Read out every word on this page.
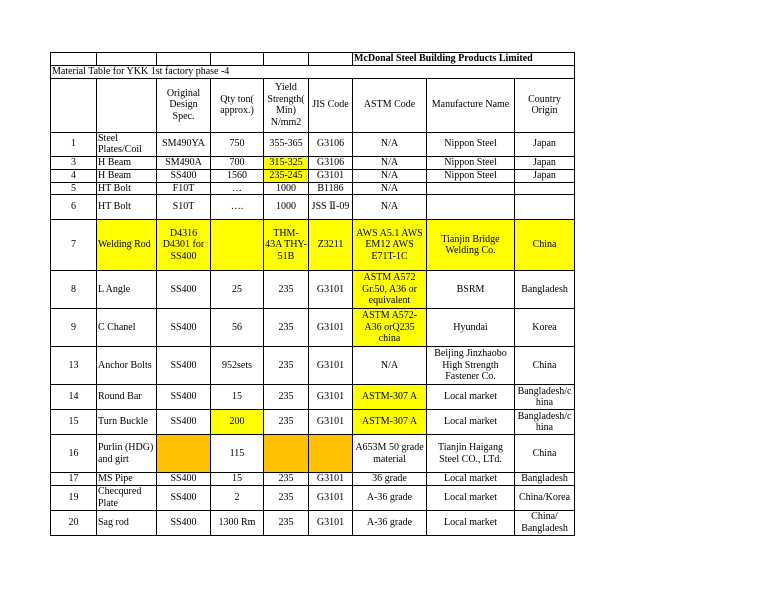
						McDonal Steel Building Products Limited		
Material Table for YKK 1st factory phase -4								
		Original Design Spec.	Qty ton( approx.)	Yield Strength( Min) N/mm2	JIS Code	ASTM Code	Manufacture Name	Country Origin
1	Steel Plates/Coil	SM490YA	750	355-365	G3106	N/A	Nippon Steel	Japan
3	H Beam	SM490A	700	315-325	G3106	N/A	Nippon Steel	Japan
4	H Beam	SS400	1560	235-245	G3101	N/A	Nippon Steel	Japan
5	HT Bolt	F10T	…	1000	B1186	N/A		
6	HT Bolt	S10T	….	1000	JSS Ⅱ-09	N/A		
7	Welding Rod	D4316 D4301 for SS400		THM-43A THY-51B	Z3211	AWS A5.1 AWS EM12 AWS E71T-1C	Tianjin Bridge Welding Co.	China
8	L Angle	SS400	25	235	G3101	ASTM A572 Gr.50, A36 or equivalent	BSRM	Bangladesh
9	C Chanel	SS400	56	235	G3101	ASTM A572-A36 orQ235 china	Hyundai	Korea
13	Anchor Bolts	SS400	952sets	235	G3101	N/A	Beijing Jinzhaobo High Strength Fastener Co.	China
14	Round Bar	SS400	15	235	G3101	ASTM-307 A	Local market	Bangladesh/china
15	Turn Buckle	SS400	200	235	G3101	ASTM-307 A	Local market	Bangladesh/china
16	Purlin (HDG) and girt		115			A653M 50 grade material	Tianjin Haigang Steel CO., LTd.	China
17	MS Pipe	SS400	15	235	G3101	36 grade	Local market	Bangladesh
19	Checqured Plate	SS400	2	235	G3101	A-36 grade	Local market	China/Korea
20	Sag rod	SS400	1300 Rm	235	G3101	A-36 grade	Local market	China/ Bangladesh
